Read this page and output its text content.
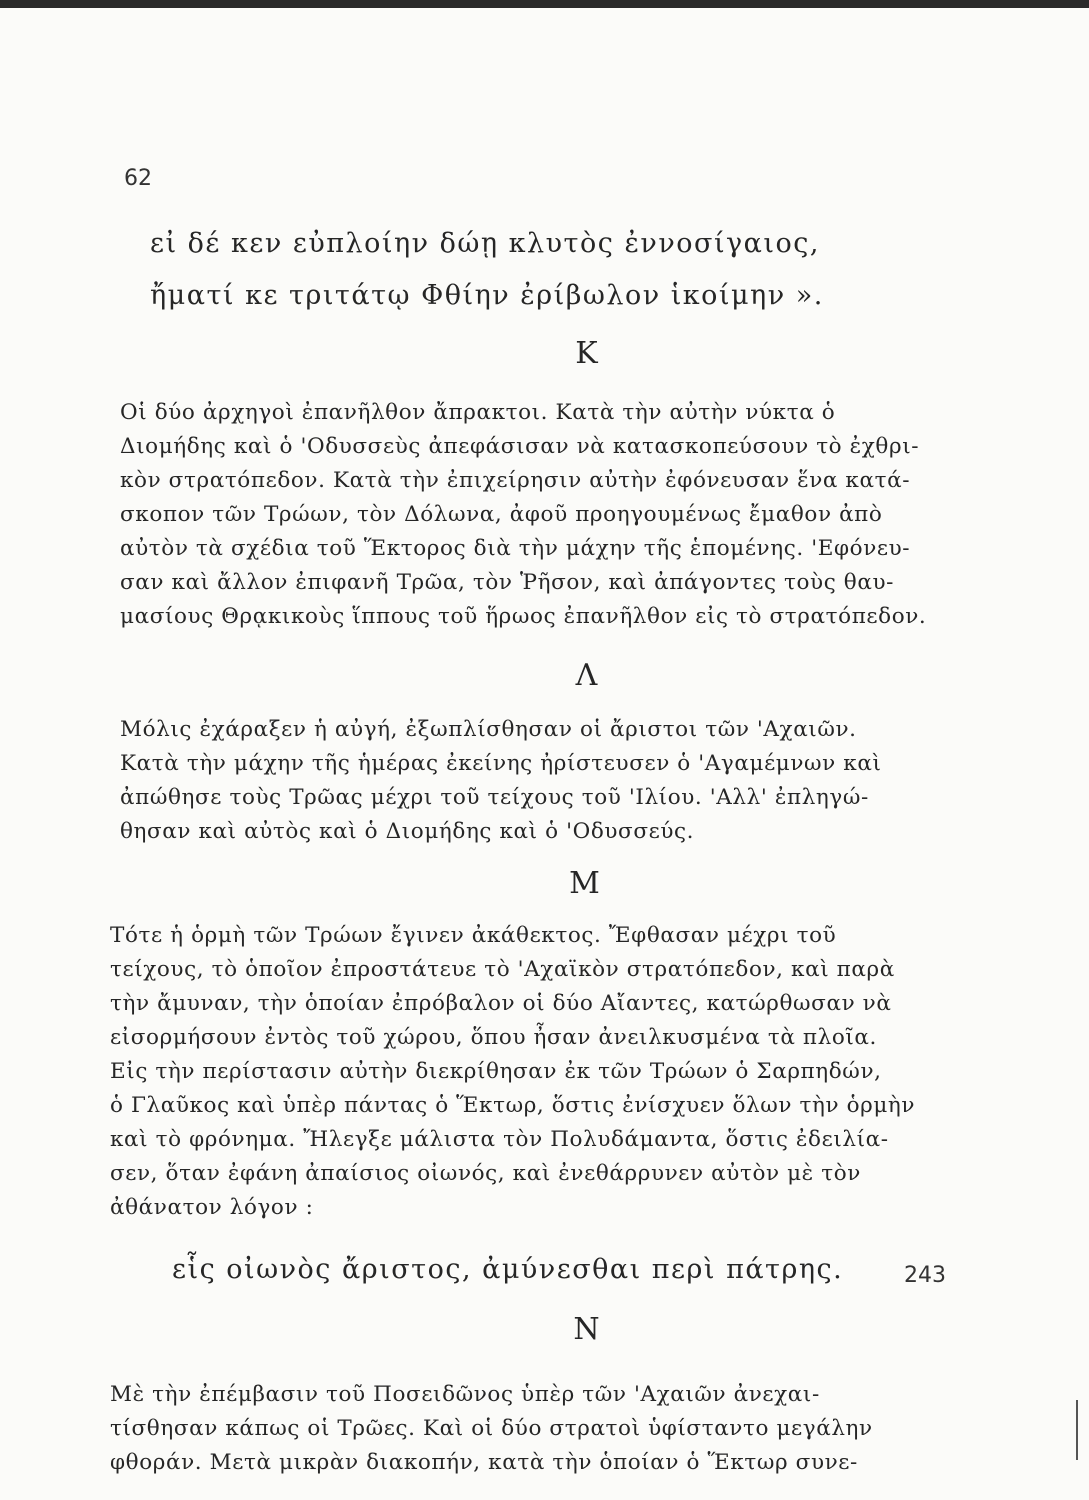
62
εἰ δέ κεν εὐπλοίην δώῃ κλυτὸς ἐννοσίγαιος,
ἤματί κε τριτάτῳ Φθίην ἐρίβωλον ἱκοίμην ».
Κ
Οἱ δύο ἀρχηγοὶ ἐπανῆλθον ἄπρακτοι. Κατὰ τὴν αὐτὴν νύκτα ὁ
Διομήδης καὶ ὁ 'Οδυσσεὺς ἀπεφάσισαν νὰ κατασκοπεύσουν τὸ ἐχθρι-
κὸν στρατόπεδον. Κατὰ τὴν ἐπιχείρησιν αὐτὴν ἐφόνευσαν ἕνα κατά-
σκοπον τῶν Τρώων, τὸν Δόλωνα, ἀφοῦ προηγουμένως ἔμαθον ἀπὸ
αὐτὸν τὰ σχέδια τοῦ Ἕκτορος διὰ τὴν μάχην τῆς ἑπομένης. 'Εφόνευ-
σαν καὶ ἄλλον ἐπιφανῆ Τρῶα, τὸν Ῥῆσον, καὶ ἀπάγοντες τοὺς θαυ-
μασίους Θρᾳκικοὺς ἵππους τοῦ ἥρωος ἐπανῆλθον εἰς τὸ στρατόπεδον.
Λ
Μόλις ἐχάραξεν ἡ αὐγή, ἐξωπλίσθησαν οἱ ἄριστοι τῶν 'Αχαιῶν.
Κατὰ τὴν μάχην τῆς ἡμέρας ἐκείνης ἠρίστευσεν ὁ 'Αγαμέμνων καὶ
ἀπώθησε τοὺς Τρῶας μέχρι τοῦ τείχους τοῦ 'Ιλίου. 'Αλλ' ἐπληγώ-
θησαν καὶ αὐτὸς καὶ ὁ Διομήδης καὶ ὁ 'Οδυσσεύς.
Μ
Τότε ἡ ὁρμὴ τῶν Τρώων ἔγινεν ἀκάθεκτος. Ἔφθασαν μέχρι τοῦ
τείχους, τὸ ὁποῖον ἐπροστάτευε τὸ 'Αχαϊκὸν στρατόπεδον, καὶ παρὰ
τὴν ἄμυναν, τὴν ὁποίαν ἐπρόβαλον οἱ δύο Αἴαντες, κατώρθωσαν νὰ
εἰσορμήσουν ἐντὸς τοῦ χώρου, ὅπου ἦσαν ἀνειλκυσμένα τὰ πλοῖα.
Εἰς τὴν περίστασιν αὐτὴν διεκρίθησαν ἐκ τῶν Τρώων ὁ Σαρπηδών,
ὁ Γλαῦκος καὶ ὑπὲρ πάντας ὁ Ἕκτωρ, ὅστις ἐνίσχυεν ὅλων τὴν ὁρμὴν
καὶ τὸ φρόνημα. Ἤλεγξε μάλιστα τὸν Πολυδάμαντα, ὅστις ἐδειλία-
σεν, ὅταν ἐφάνη ἀπαίσιος οἰωνός, καὶ ἐνεθάρρυνεν αὐτὸν μὲ τὸν
ἀθάνατον λόγον :
εἷς οἰωνὸς ἄριστος, ἀμύνεσθαι περὶ πάτρης.	243
Ν
Μὲ τὴν ἐπέμβασιν τοῦ Ποσειδῶνος ὑπὲρ τῶν 'Αχαιῶν ἀνεχαι-
τίσθησαν κάπως οἱ Τρῶες. Καὶ οἱ δύο στρατοὶ ὑφίσταντο μεγάλην
φθοράν. Μετὰ μικρὰν διακοπήν, κατὰ τὴν ὁποίαν ὁ Ἕκτωρ συνε-
